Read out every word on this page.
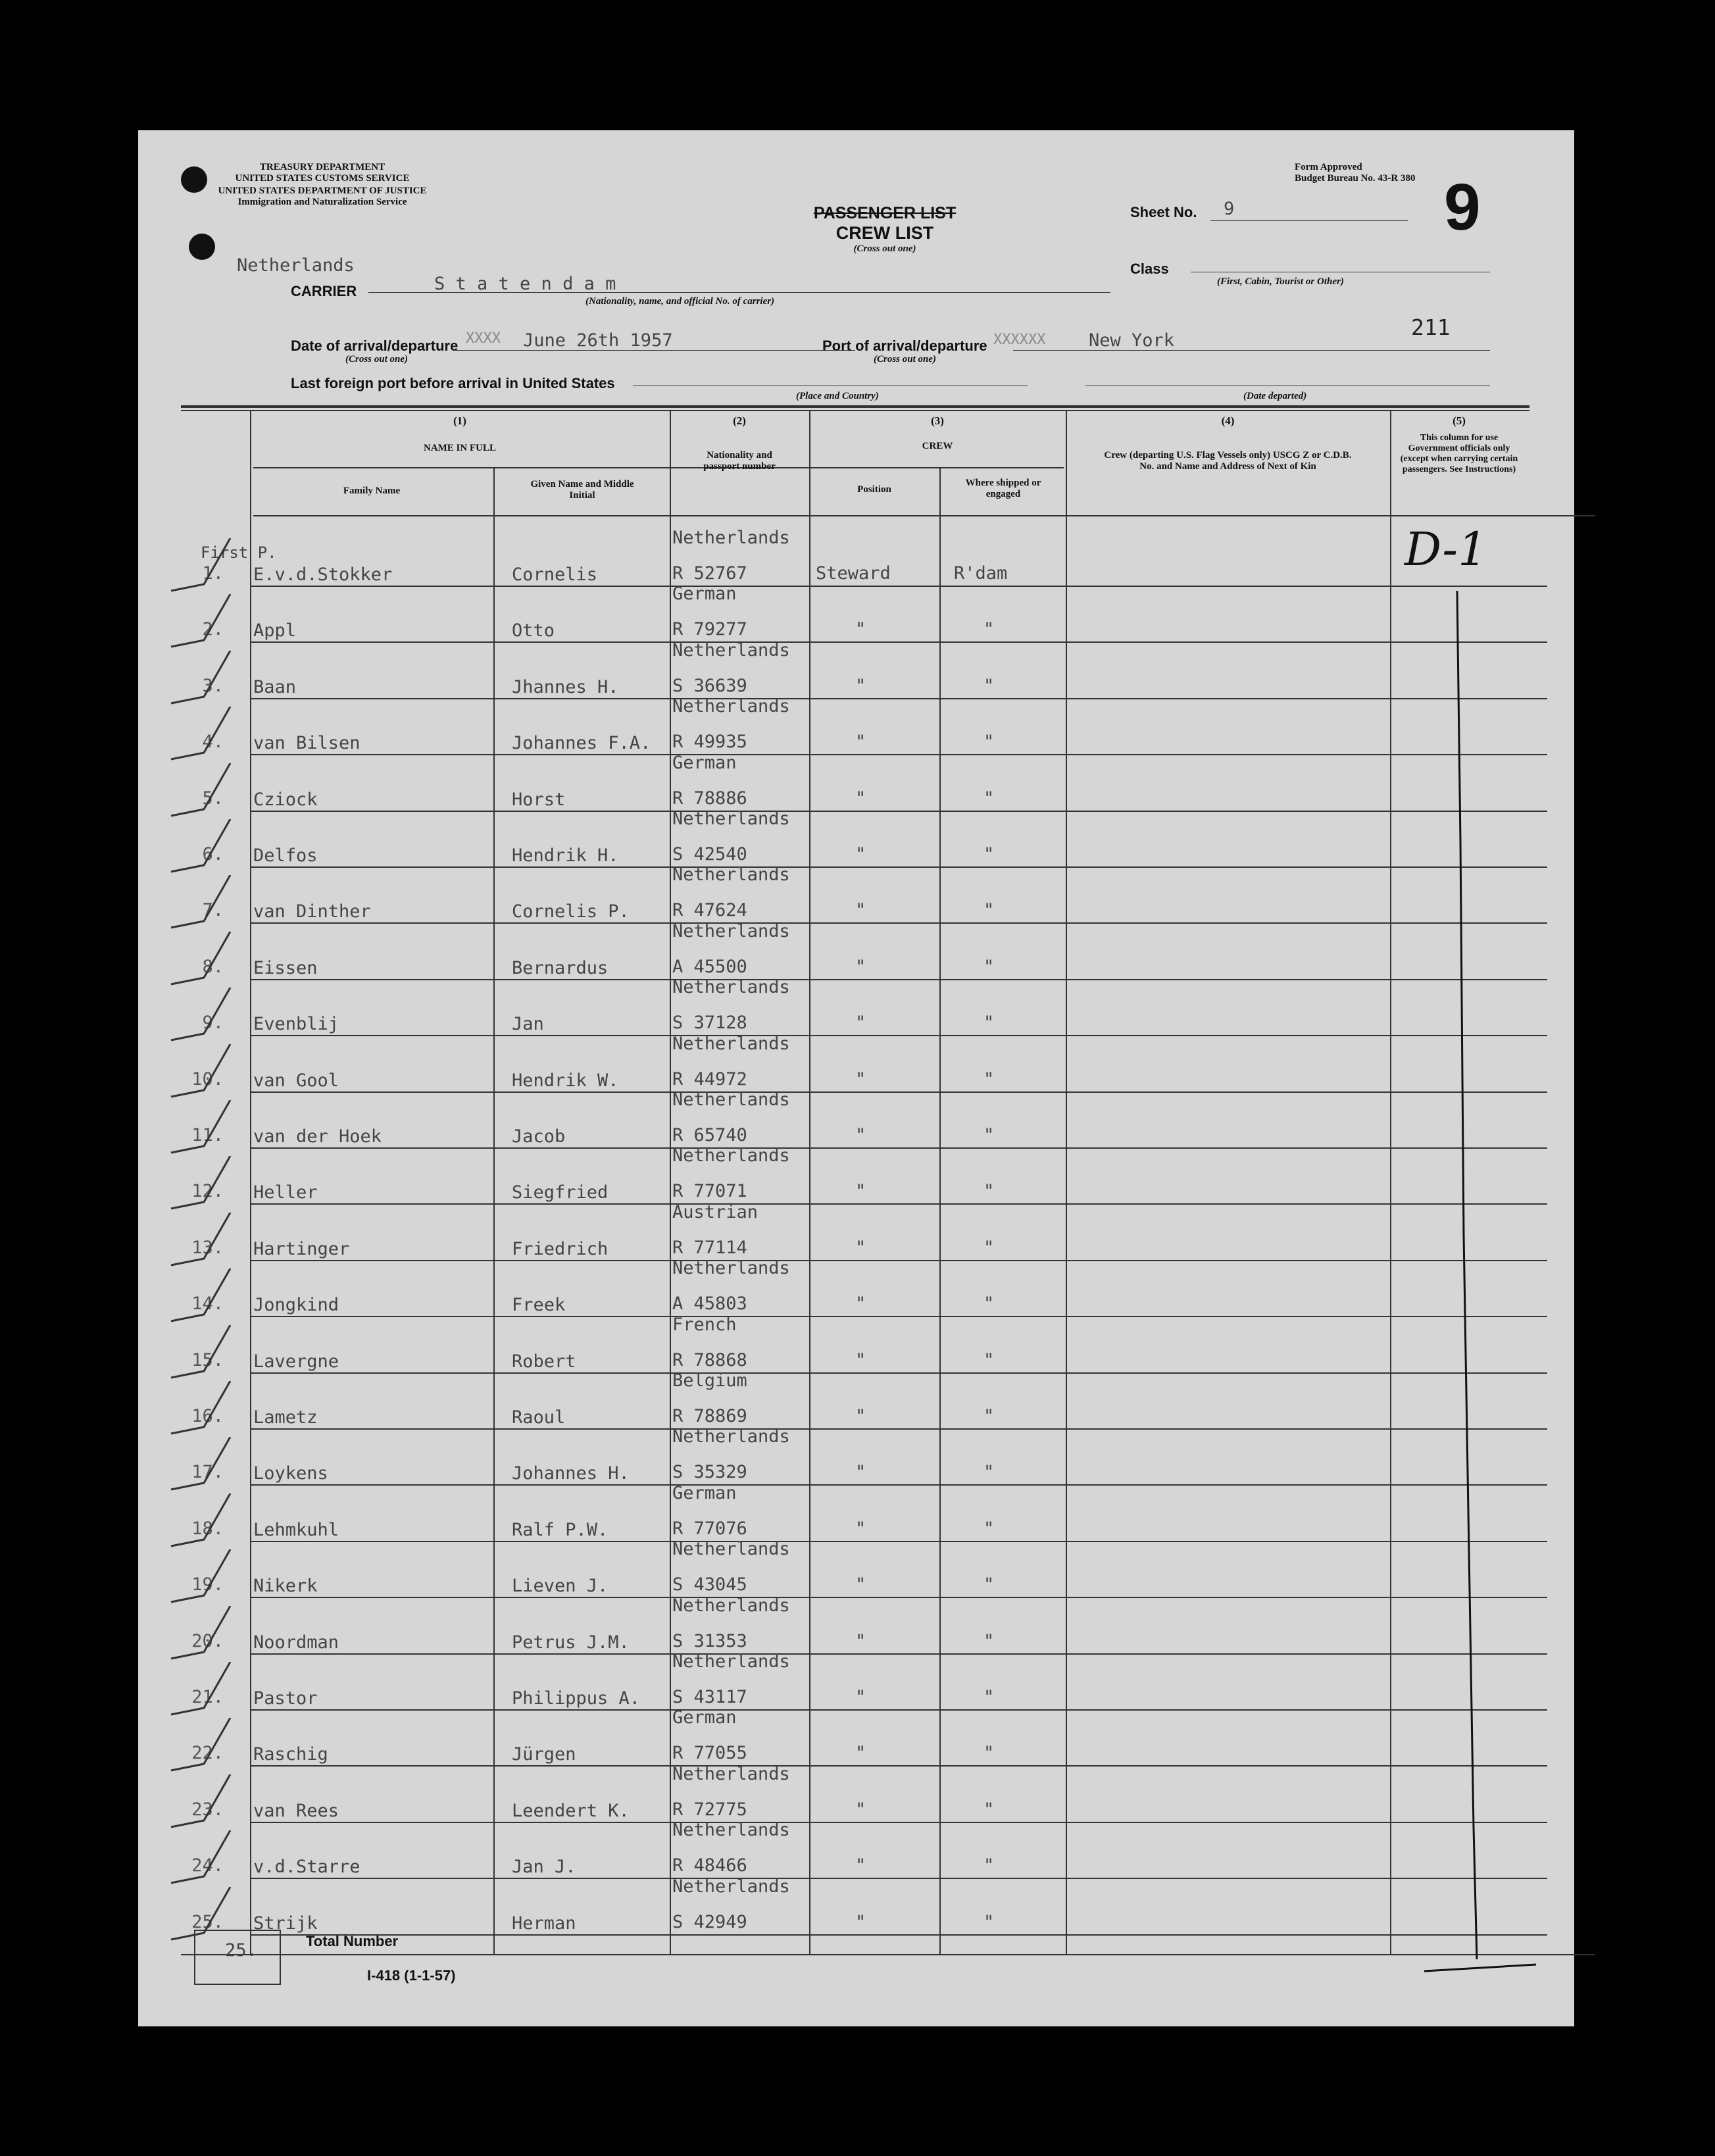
TREASURY DEPARTMENT
UNITED STATES CUSTOMS SERVICE
UNITED STATES DEPARTMENT OF JUSTICE
Immigration and Naturalization Service
PASSENGER LIST
CREW LIST
(Cross out one)
Form Approved
Budget Bureau No. 43-R 380
Sheet No. 9	9
Class
(First, Cabin, Tourist or Other)
Netherlands
CARRIER	S t a t e n d a m
(Nationality, name, and official No. of carrier)
Date of arrival/departure
(Cross out one)
XXXX June 26th 1957	Port of arrival/departure
(Cross out one)
XXXXXX New York
211
Last foreign port before arrival in United States
(Place and Country)	(Date departed)
(1)
NAME IN FULL
Family Name
Given Name and Middle Initial
(2)
Nationality and passport number
(3)
CREW
Position
Where shipped or engaged
(4)
Crew (departing U.S. Flag Vessels only) USCG Z or C.D.B. No. and Name and Address of Next of Kin
(5)
This column for use Government officials only (except when carrying certain passengers. See Instructions)
1.
First P.
E.v.d.Stokker	Cornelis
Netherlands
R 52767	Steward	R'dam
2. Appl	Otto
German
R 79277	"	"
3. Baan	Jhannes H.
Netherlands
S 36639	"	"
4. van Bilsen	Johannes F.A.
Netherlands
R 49935	"	"
5. Cziock	Horst
German
R 78886	"	"
6. Delfos	Hendrik H.
Netherlands
S 42540	"	"
7. van Dinther	Cornelis P.
Netherlands
R 47624	"	"
8. Eissen	Bernardus
Netherlands
A 45500	"	"
9. Evenblij	Jan
Netherlands
S 37128	"	"
10. van Gool	Hendrik W.
Netherlands
R 44972	"	"
11. van der Hoek	Jacob
Netherlands
R 65740	"	"
12. Heller	Siegfried
Netherlands
R 77071	"	"
13. Hartinger	Friedrich
Austrian
R 77114	"	"
14. Jongkind	Freek
Netherlands
A 45803	"	"
15. Lavergne	Robert
French
R 78868	"	"
16. Lametz	Raoul
Belgium
R 78869	"	"
17. Loykens	Johannes H.
Netherlands
S 35329	"	"
18. Lehmkuhl	Ralf P.W.
German
R 77076	"	"
19. Nikerk	Lieven J.
Netherlands
S 43045	"	"
20. Noordman	Petrus J.M.
Netherlands
S 31353	"	"
21. Pastor	Philippus A.
Netherlands
S 43117	"	"
22. Raschig	Jürgen
German
R 77055	"	"
23. van Rees	Leendert K.
Netherlands
R 72775	"	"
24. v.d.Starre	Jan J.
Netherlands
R 48466	"	"
25. Strijk	Herman
Netherlands
S 42949	"	"
D-1
25.	Total Number
I-418 (1-1-57)
